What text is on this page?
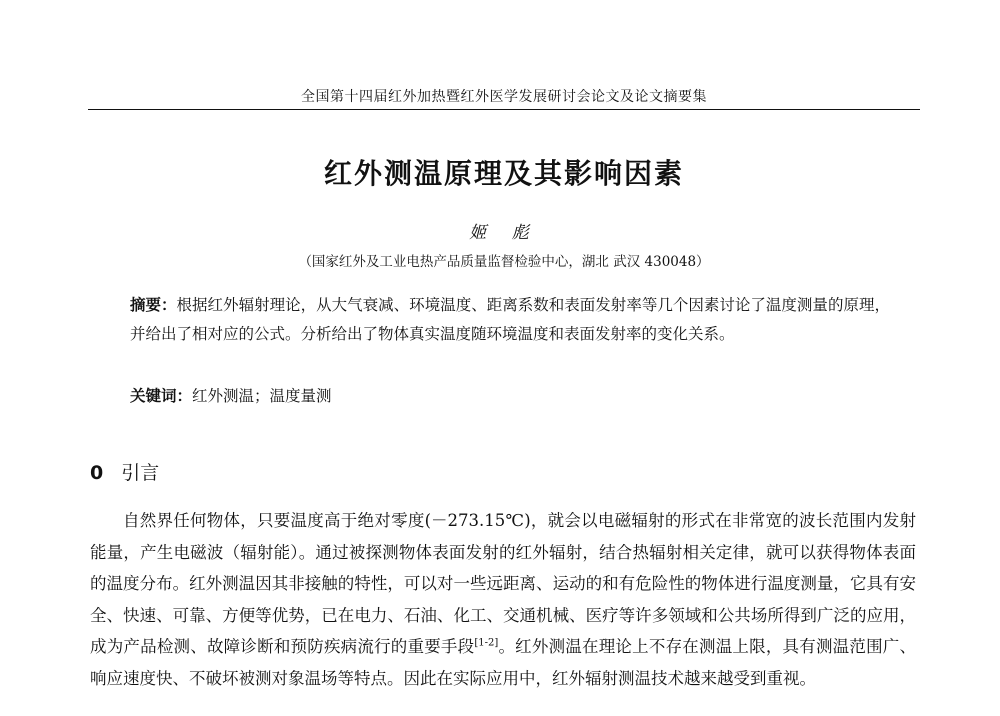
全国第十四届红外加热暨红外医学发展研讨会论文及论文摘要集
红外测温原理及其影响因素
姬 彪
（国家红外及工业电热产品质量监督检验中心，湖北 武汉 430048）
摘要：根据红外辐射理论，从大气衰减、环境温度、距离系数和表面发射率等几个因素讨论了温度测量的原理，并给出了相对应的公式。分析给出了物体真实温度随环境温度和表面发射率的变化关系。
关键词：红外测温；温度量测
0 引言
自然界任何物体，只要温度高于绝对零度(－273.15℃)，就会以电磁辐射的形式在非常宽的波长范围内发射能量，产生电磁波（辐射能）。通过被探测物体表面发射的红外辐射，结合热辐射相关定律，就可以获得物体表面的温度分布。红外测温因其非接触的特性，可以对一些远距离、运动的和有危险性的物体进行温度测量，它具有安全、快速、可靠、方便等优势，已在电力、石油、化工、交通机械、医疗等许多领域和公共场所得到广泛的应用，成为产品检测、故障诊断和预防疾病流行的重要手段[1-2]。红外测温在理论上不存在测温上限，具有测温范围广、响应速度快、不破坏被测对象温场等特点。因此在实际应用中，红外辐射测温技术越来越受到重视。
